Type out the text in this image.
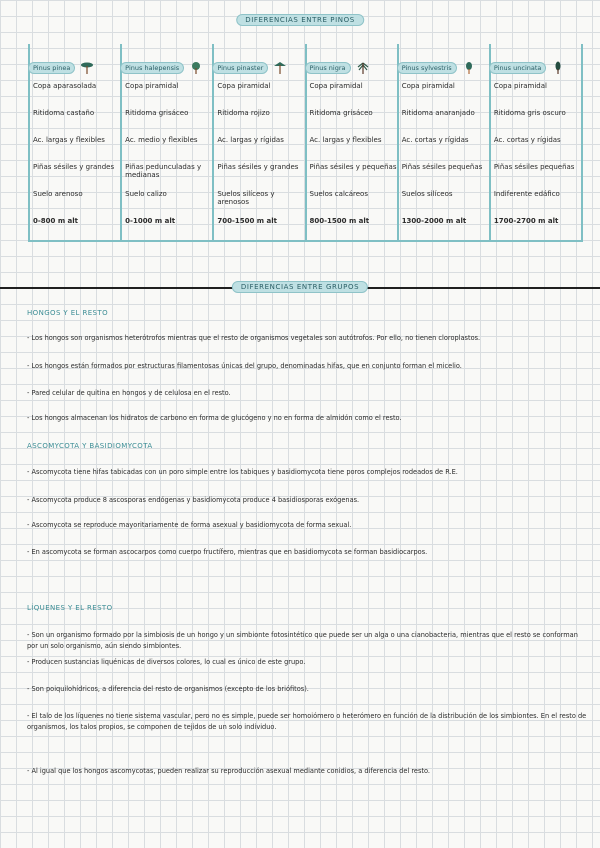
DIFERENCIAS ENTRE PINOS
Pinus pinea
Copa aparasolada
Ritidoma castaño
Ac. largas y flexibles
Piñas sésiles y grandes
Suelo arenoso
0-800 m alt
Pinus halepensis
Copa piramidal
Ritidoma grisáceo
Ac. medio y flexibles
Piñas pedunculadas y medianas
Suelo calizo
0-1000 m alt
Pinus pinaster
Copa piramidal
Ritidoma rojizo
Ac. largas y rígidas
Piñas sésiles y grandes
Suelos silíceos y arenosos
700-1500 m alt
Pinus nigra
Copa piramidal
Ritidoma grisáceo
Ac. largas y flexibles
Piñas sésiles y pequeñas
Suelos calcáreos
800-1500 m alt
Pinus sylvestris
Copa piramidal
Ritidoma anaranjado
Ac. cortas y rígidas
Piñas sésiles pequeñas
Suelos silíceos
1300-2000 m alt
Pinus uncinata
Copa piramidal
Ritidoma gris oscuro
Ac. cortas y rígidas
Piñas sésiles pequeñas
Indiferente edáfico
1700-2700 m alt
DIFERENCIAS ENTRE GRUPOS
HONGOS Y EL RESTO
- Los hongos son organismos heterótrofos mientras que el resto de organismos vegetales son autótrofos. Por ello, no tienen cloroplastos.
- Los hongos están formados por estructuras filamentosas únicas del grupo, denominadas hifas, que en conjunto forman el micelio.
- Pared celular de quitina en hongos y de celulosa en el resto.
- Los hongos almacenan los hidratos de carbono en forma de glucógeno y no en forma de almidón como el resto.
ASCOMYCOTA Y BASIDIOMYCOTA
- Ascomycota tiene hifas tabicadas con un poro simple entre los tabiques y basidiomycota tiene poros complejos rodeados de R.E.
- Ascomycota produce 8 ascosporas endógenas y basidiomycota produce 4 basidiosporas exógenas.
- Ascomycota se reproduce mayoritariamente de forma asexual y basidiomycota de forma sexual.
- En ascomycota se forman ascocarpos como cuerpo fructífero, mientras que en basidiomycota se forman basidiocarpos.
LÍQUENES Y EL RESTO
- Son un organismo formado por la simbiosis de un hongo y un simbionte fotosintético que puede ser un alga o una cianobacteria, mientras que el resto se conforman por un solo organismo, aún siendo simbiontes.
- Producen sustancias liquénicas de diversos colores, lo cual es único de este grupo.
- Son poiquilohídricos, a diferencia del resto de organismos (excepto de los briófitos).
- El talo de los líquenes no tiene sistema vascular, pero no es simple, puede ser homoiómero o heterómero en función de la distribución de los simbiontes. En el resto de organismos, los talos propios, se componen de tejidos de un solo individuo.
- Al igual que los hongos ascomycotas, pueden realizar su reproducción asexual mediante conidios, a diferencia del resto.
